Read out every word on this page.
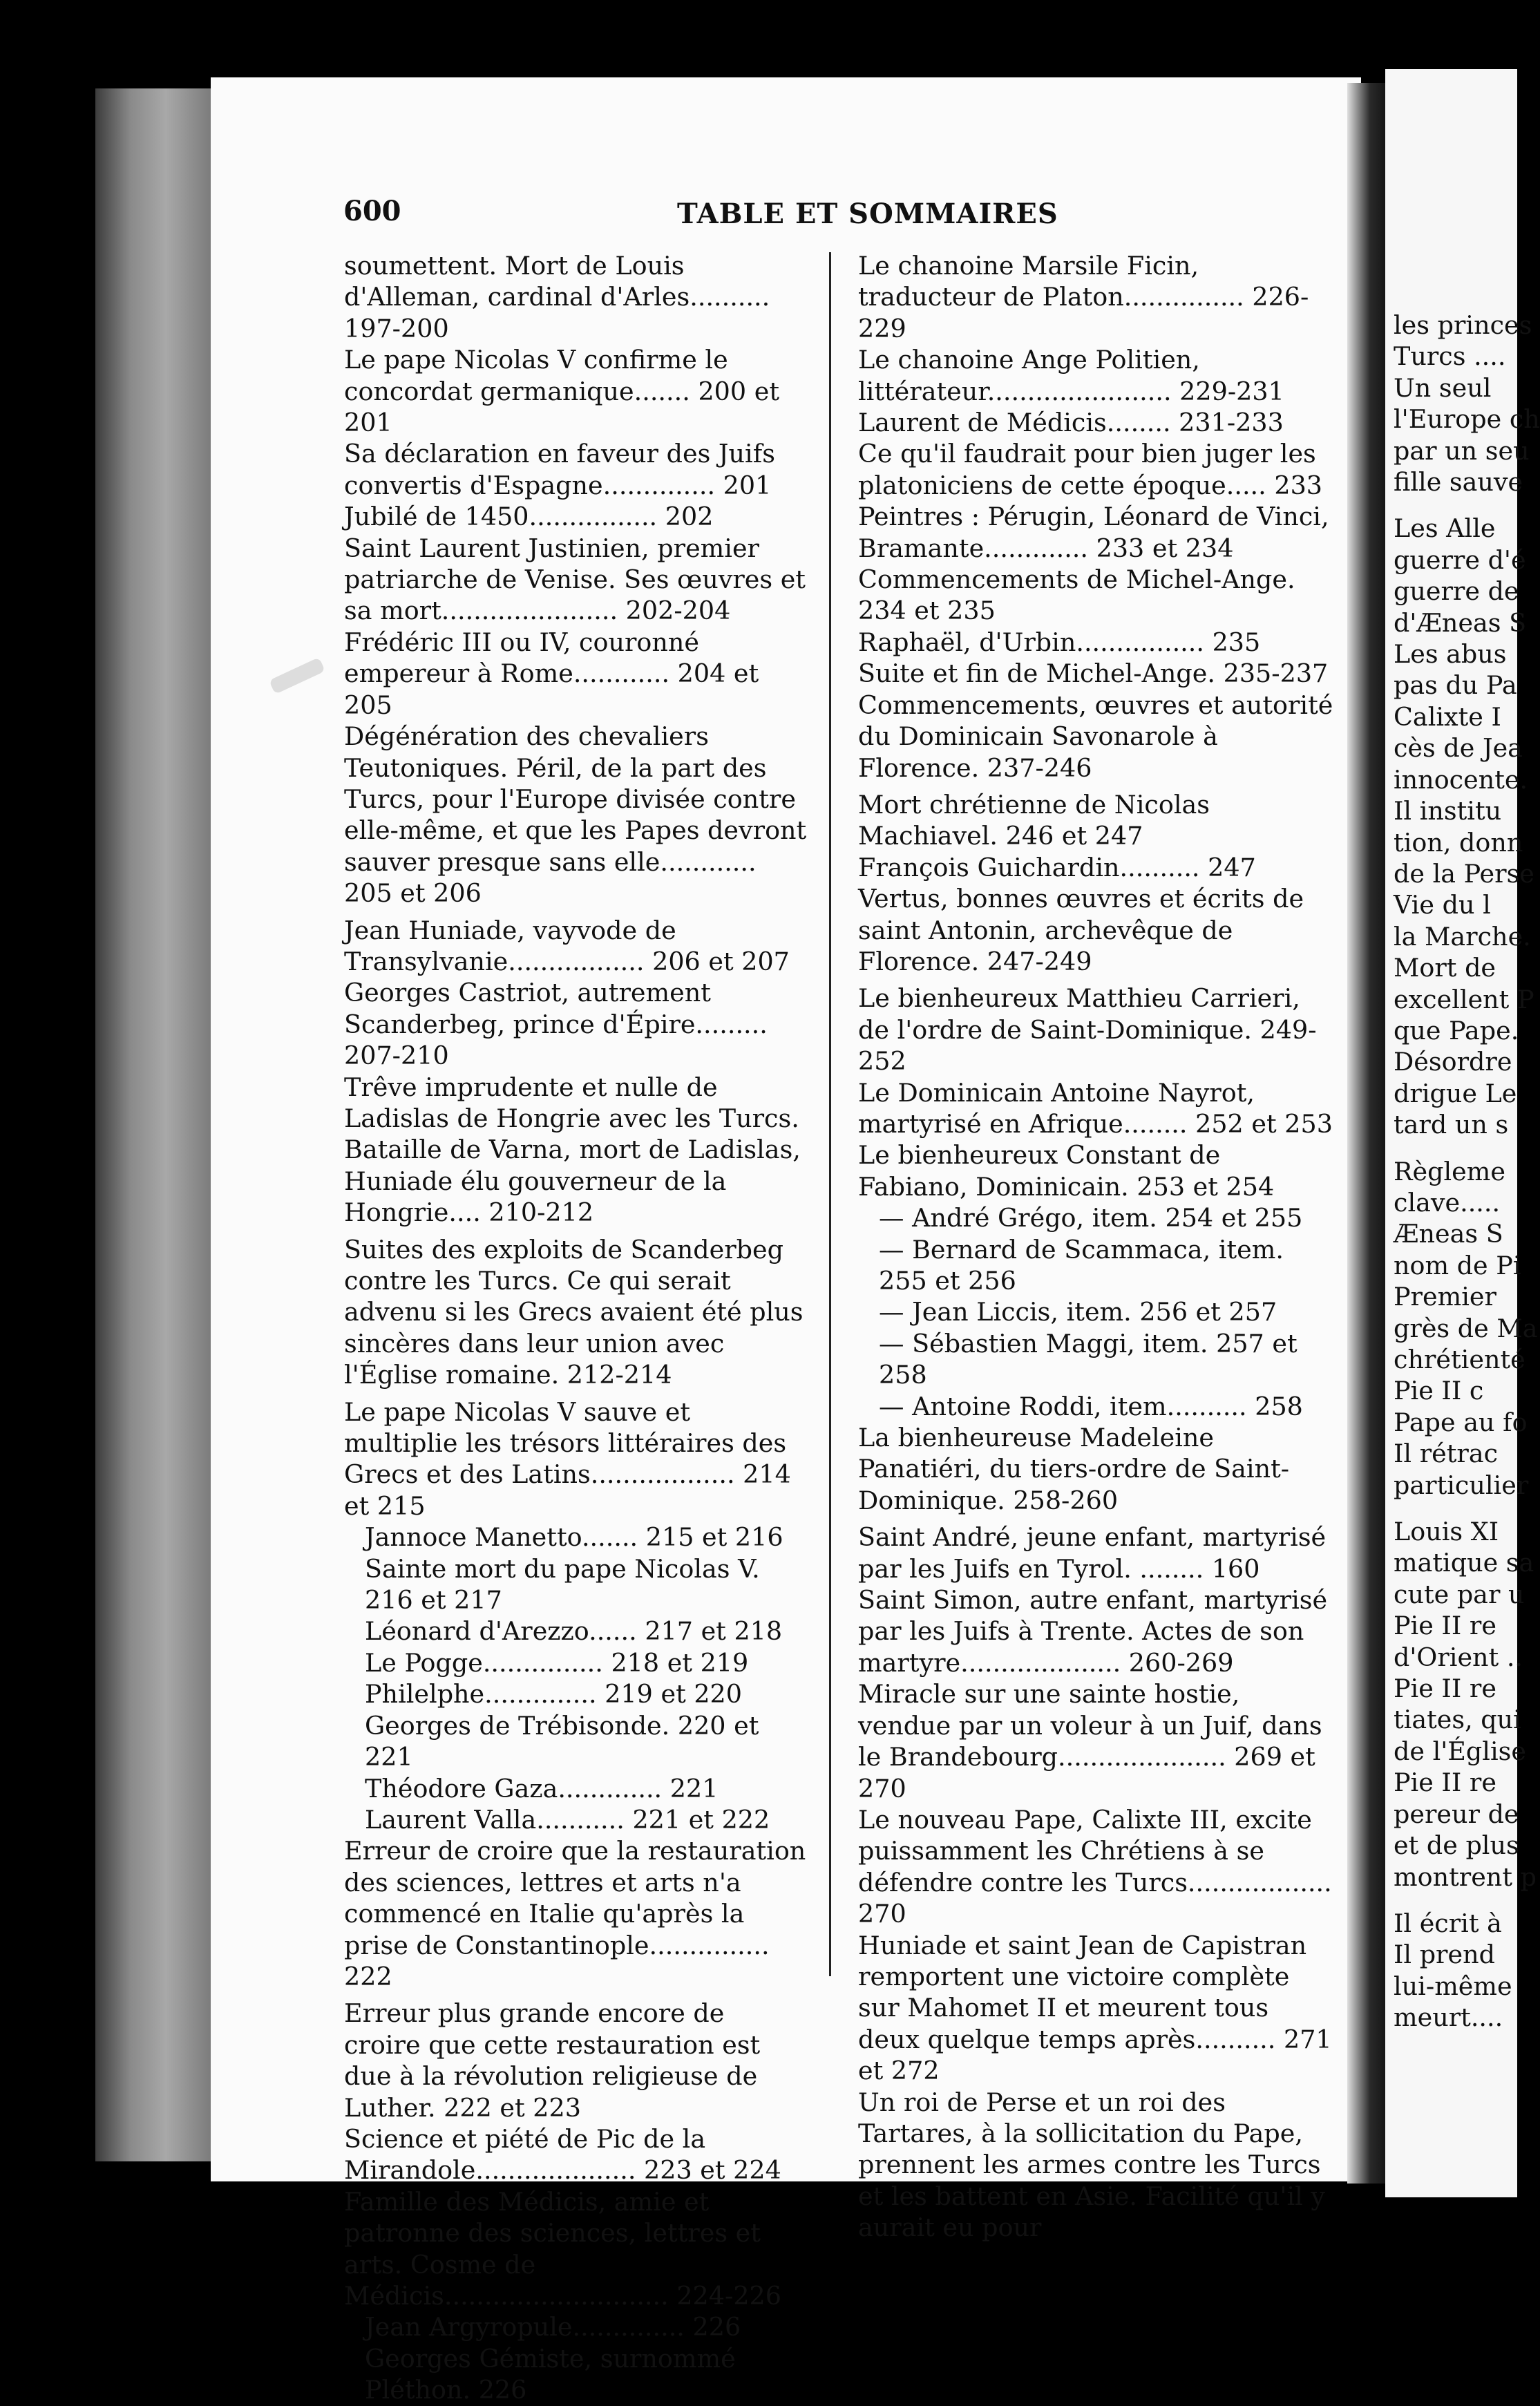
600	TABLE ET SOMMAIRES

soumettent. Mort de Louis d'Alleman, cardinal d'Arles.......... 197-200

Le pape Nicolas V confirme le concordat germanique....... 200 et 201

Sa déclaration en faveur des Juifs convertis d'Espagne.............. 201

Jubilé de 1450................ 202

Saint Laurent Justinien, premier patriarche de Venise. Ses œuvres et sa mort...................... 202-204

Frédéric III ou IV, couronné empereur à Rome............ 204 et 205

Dégénération des chevaliers Teutoniques. Péril, de la part des Turcs, pour l'Europe divisée contre elle-même, et que les Papes devront sauver presque sans elle............ 205 et 206

Jean Huniade, vayvode de Transylvanie................. 206 et 207

Georges Castriot, autrement Scanderbeg, prince d'Épire......... 207-210

Trêve imprudente et nulle de Ladislas de Hongrie avec les Turcs. Bataille de Varna, mort de Ladislas, Huniade élu gouverneur de la Hongrie.... 210-212

Suites des exploits de Scanderbeg contre les Turcs. Ce qui serait advenu si les Grecs avaient été plus sincères dans leur union avec l'Église romaine. 212-214

Le pape Nicolas V sauve et multiplie les trésors littéraires des Grecs et des Latins.................. 214 et 215

Jannoce Manetto....... 215 et 216

Sainte mort du pape Nicolas V. 216 et 217

Léonard d'Arezzo...... 217 et 218

Le Pogge............... 218 et 219

Philelphe.............. 219 et 220

Georges de Trébisonde. 220 et 221

Théodore Gaza............. 221

Laurent Valla........... 221 et 222

Erreur de croire que la restauration des sciences, lettres et arts n'a commencé en Italie qu'après la prise de Constantinople............... 222

Erreur plus grande encore de croire que cette restauration est due à la révolution religieuse de Luther. 222 et 223

Science et piété de Pic de la Mirandole.................... 223 et 224

Famille des Médicis, amie et patronne des sciences, lettres et arts. Cosme de Médicis............................ 224-226

Jean Argyropule.............. 226

Georges Gémiste, surnommé Pléthon. 226

Le chanoine Marsile Ficin, traducteur de Platon............... 226-229

Le chanoine Ange Politien, littérateur....................... 229-231

Laurent de Médicis........ 231-233

Ce qu'il faudrait pour bien juger les platoniciens de cette époque..... 233

Peintres : Pérugin, Léonard de Vinci, Bramante............. 233 et 234

Commencements de Michel-Ange. 234 et 235

Raphaël, d'Urbin................ 235

Suite et fin de Michel-Ange. 235-237

Commencements, œuvres et autorité du Dominicain Savonarole à Florence. 237-246

Mort chrétienne de Nicolas Machiavel. 246 et 247

François Guichardin.......... 247

Vertus, bonnes œuvres et écrits de saint Antonin, archevêque de Florence. 247-249

Le bienheureux Matthieu Carrieri, de l'ordre de Saint-Dominique. 249-252

Le Dominicain Antoine Nayrot, martyrisé en Afrique........ 252 et 253

Le bienheureux Constant de Fabiano, Dominicain. 253 et 254

— André Grégo, item. 254 et 255

— Bernard de Scammaca, item. 255 et 256

— Jean Liccis, item. 256 et 257

— Sébastien Maggi, item. 257 et 258

— Antoine Roddi, item.......... 258

La bienheureuse Madeleine Panatiéri, du tiers-ordre de Saint-Dominique. 258-260

Saint André, jeune enfant, martyrisé par les Juifs en Tyrol. ........ 160

Saint Simon, autre enfant, martyrisé par les Juifs à Trente. Actes de son martyre.................... 260-269

Miracle sur une sainte hostie, vendue par un voleur à un Juif, dans le Brandebourg..................... 269 et 270

Le nouveau Pape, Calixte III, excite puissamment les Chrétiens à se défendre contre les Turcs.................. 270

Huniade et saint Jean de Capistran remportent une victoire complète sur Mahomet II et meurent tous deux quelque temps après.......... 271 et 272

Un roi de Perse et un roi des Tartares, à la sollicitation du Pape, prennent les armes contre les Turcs et les battent en Asie. Facilité qu'il y aurait eu pour

les princes
Turcs ....
Un seul
l'Europe ch
par un seu
fille sauve
Les Alle
guerre d'é
guerre de
d'Æneas S
Les abus
pas du Pa
Calixte I
cès de Jea
innocente.
Il institu
tion, donn
de la Perse
Vie du l
la Marche.
Mort de
excellent P
que Pape.
Désordre
drigue Le
tard un s
Règleme
clave.....
Æneas S
nom de Pi
Premier
grès de Ma
chrétienté
Pie II c
Pape au fo
Il rétrac
particulier
Louis XI
matique sa
cute par u
Pie II re
d'Orient ..
Pie II re
tiates, qui
de l'Église
Pie II re
pereur de
et de plus
montrent p
Il écrit à
Il prend
lui-même
meurt....
